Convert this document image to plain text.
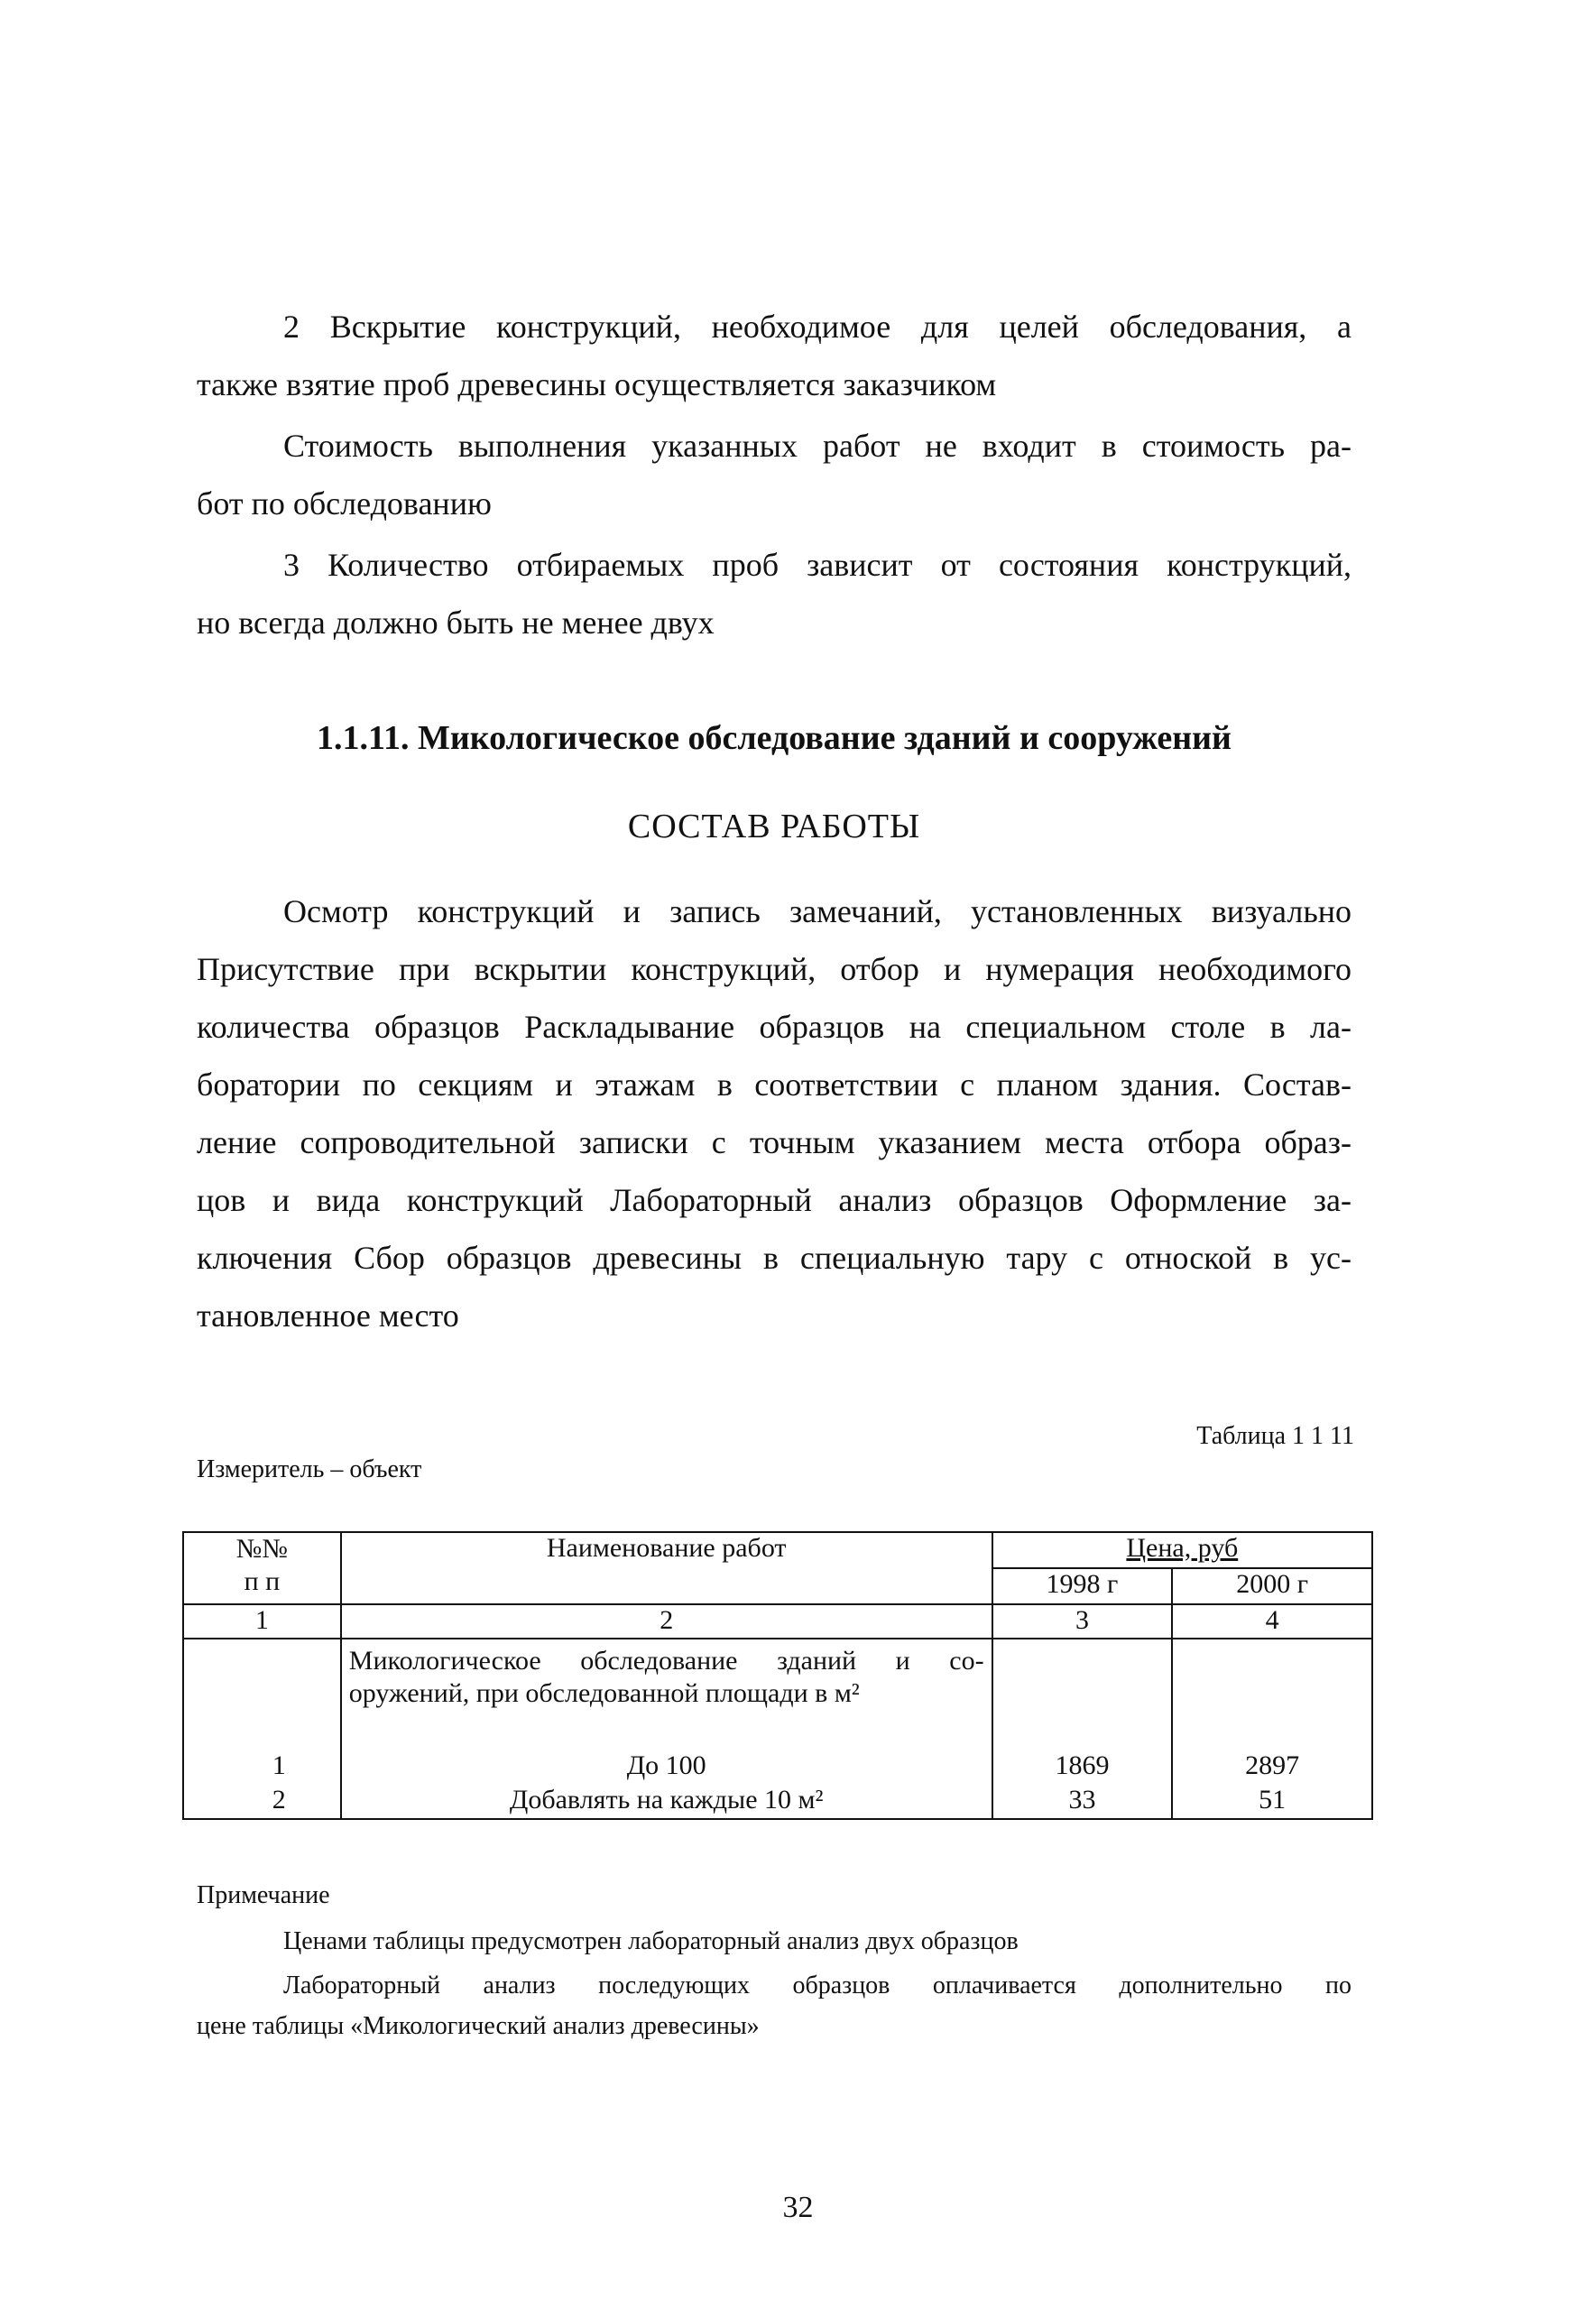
2 Вскрытие конструкций, необходимое для целей обследования, а
также взятие проб древесины осуществляется заказчиком
Стоимость выполнения указанных работ не входит в стоимость ра-
бот по обследованию
3 Количество отбираемых проб зависит от состояния конструкций,
но всегда должно быть не менее двух
1.1.11. Микологическое обследование зданий и сооружений
СОСТАВ РАБОТЫ
Осмотр конструкций и запись замечаний, установленных визуально
Присутствие при вскрытии конструкций, отбор и нумерация необходимого
количества образцов Раскладывание образцов на специальном столе в ла-
боратории по секциям и этажам в соответствии с планом здания. Состав-
ление сопроводительной записки с точным указанием места отбора образ-
цов и вида конструкций Лабораторный анализ образцов Оформление за-
ключения Сбор образцов древесины в специальную тару с отноской в ус-
тановленное место
Таблица 1 1 11
Измеритель – объект
№№
п п	Наименование работ	Цена, руб	
		1998 г	2000 г
1	2	3	4

	Микологическое обследование зданий и со-
оружений, при обследованной площади в м²		

1	До 100	1869	2897
2	Добавлять на каждые 10 м²	33	51
Примечание
Ценами таблицы предусмотрен лабораторный анализ двух образцов
Лабораторный анализ последующих образцов оплачивается дополнительно по
цене таблицы «Микологический анализ древесины»
32
